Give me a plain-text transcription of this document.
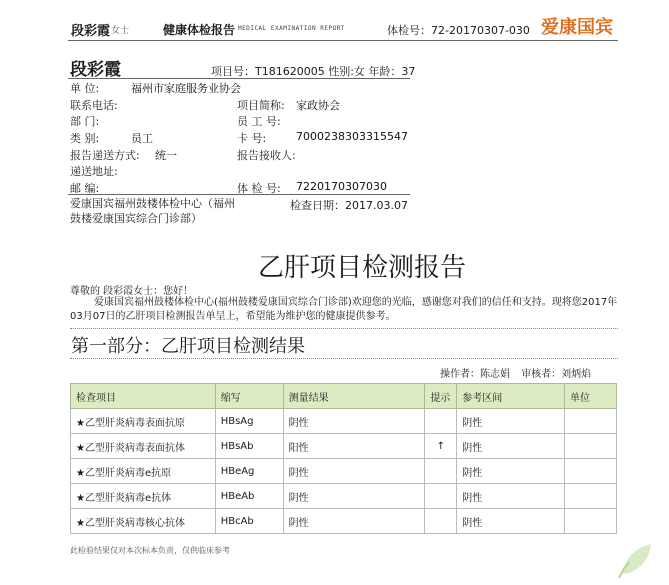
段彩霞 女士	健康体检报告 MEDICAL EXAMINATION REPORT	体检号：72-20170307-030 爱康国宾
段彩霞	项目号：T181620005 性别:女 年龄：37
单 位:	福州市家庭服务业协会
联系电话:
部 门:
类 别:	员工
报告递送方式: 统一
递送地址:
邮 编:
项目简称: 家政协会
员 工 号:
卡 号:	7000238303315547
报告接收人:
体 检 号: 7220170307030
爱康国宾福州鼓楼体检中心（福州鼓楼爱康国宾综合门诊部）
检查日期：2017.03.07
乙肝项目检测报告
尊敬的 段彩霞女士：您好！
爱康国宾福州鼓楼体检中心(福州鼓楼爱康国宾综合门诊部)欢迎您的光临，感谢您对我们的信任和支持。现将您2017年03月07日的乙肝项目检测报告单呈上，希望能为维护您的健康提供参考。
第一部分：乙肝项目检测结果
操作者：陈志娟 审核者：刘炳焰
检查项目	缩写	测量结果	提示	参考区间	单位
★乙型肝炎病毒表面抗原	HBsAg	阴性		阴性	
★乙型肝炎病毒表面抗体	HBsAb	阳性	↑	阴性	
★乙型肝炎病毒e抗原	HBeAg	阴性		阴性	
★乙型肝炎病毒e抗体	HBeAb	阴性		阴性	
★乙型肝炎病毒核心抗体	HBcAb	阴性		阴性	
此检验结果仅对本次标本负责，仅供临床参考
